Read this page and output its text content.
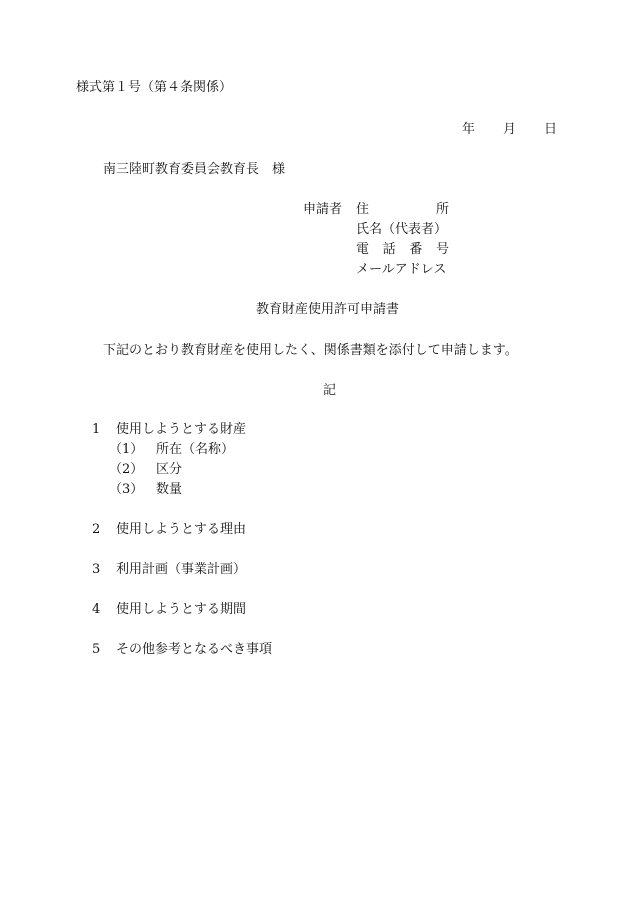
様式第１号（第４条関係）
年 月 日
南三陸町教育委員会教育長　様
申請者 住	所
氏名（代表者）
電 話 番 号
メールアドレス
教育財産使用許可申請書
下記のとおり教育財産を使用したく、関係書類を添付して申請します。
記
1 使用しようとする財産
（1） 所在（名称）
（2） 区分
（3） 数量
2 使用しようとする理由
3 利用計画（事業計画）
4 使用しようとする期間
5 その他参考となるべき事項
